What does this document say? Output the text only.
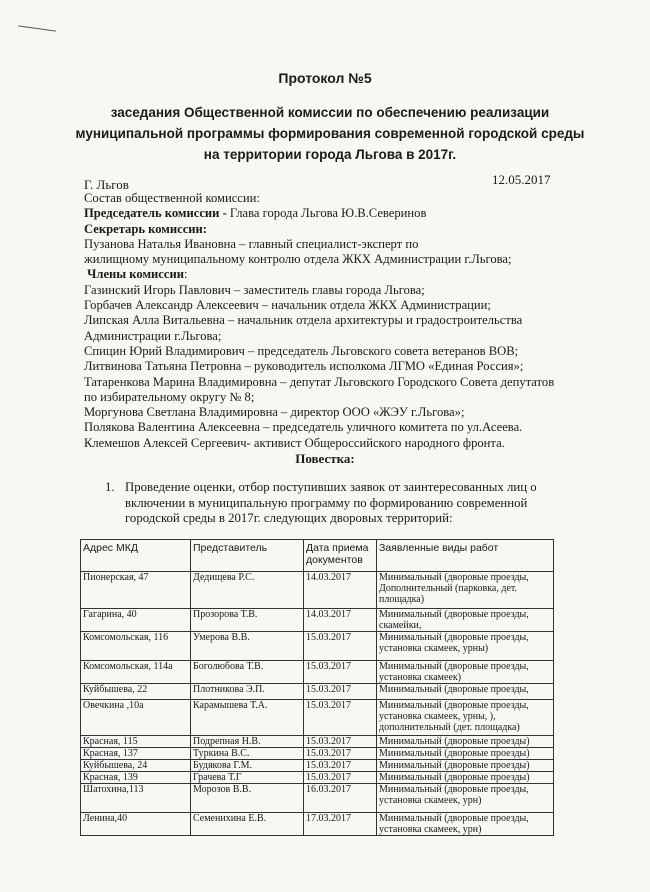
Протокол №5
заседания Общественной комиссии по обеспечению реализации
муниципальной программы формирования современной городской среды
на территории города Льгова в 2017г.
Г. Льгов	12.05.2017
Состав общественной комиссии:
Председатель комиссии - Глава города Льгова Ю.В.Северинов
Секретарь комиссии:
Пузанова Наталья Ивановна – главный специалист-эксперт по
жилищному муниципальному контролю отдела ЖКХ Администрации г.Льгова;
Члены комиссии:
Газинский Игорь Павлович – заместитель главы города Льгова;
Горбачев Александр Алексеевич – начальник отдела ЖКХ Администрации;
Липская Алла Витальевна – начальник отдела архитектуры и градостроительства
Администрации г.Льгова;
Спицин Юрий Владимирович – председатель Льговского совета ветеранов ВОВ;
Литвинова Татьяна Петровна – руководитель исполкома ЛГМО «Единая Россия»;
Татаренкова Марина Владимировна – депутат Льговского Городского Совета депутатов
по избирательному округу № 8;
Моргунова Светлана Владимировна – директор ООО «ЖЭУ г.Льгова»;
Полякова Валентина Алексеевна – председатель уличного комитета по ул.Асеева.
Клемешов Алексей Сергеевич- активист Общероссийского народного фронта.
Повестка:
1. Проведение оценки, отбор поступивших заявок от заинтересованных лиц о
включении в муниципальную программу по формированию современной
городской среды в 2017г. следующих дворовых территорий:
Адрес МКД	Представитель	Дата приема документов	Заявленные виды работ
Пионерская, 47	Дедищева Р.С.	14.03.2017	Минимальный (дворовые проезды,
Дополнительный (парковка, дет.
площадка)

Гагарина, 40	Прозорова Т.В.	14.03.2017	Минимальный (дворовые проезды,
скамейки,

Комсомольская, 116	Умерова В.В.	15.03.2017	Минимальный (дворовые проезды,
установка скамеек, урны)

Комсомольская, 114а	Боголюбова Т.В.	15.03.2017	Минимальный (дворовые проезды,
установка скамеек)

Куйбышева, 22	Плотникова Э.П.	15.03.2017	Минимальный (дворовые проезды,

Овечкина ,10а	Карамышева Т.А.	15.03.2017	Минимальный (дворовые проезды,
установка скамеек, урны, ),
дополнительный (дет. площадка)

Красная, 115	Подрепная Н.В.	15.03.2017	Минимальный (дворовые проезды)

Красная, 137	Туркина В.С.	15.03.2017	Минимальный (дворовые проезды)

Куйбышева, 24	Будякова Г.М.	15.03.2017	Минимальный (дворовые проезды)

Красная, 139	Грачева Т.Г	15.03.2017	Минимальный (дворовые проезды)

Шатохина,113	Морозов В.В.	16.03.2017	Минимальный (дворовые проезды,
установка скамеек, урн)

Ленина,40	Семенихина Е.В.	17.03.2017	Минимальный (дворовые проезды,
установка скамеек, урн)
